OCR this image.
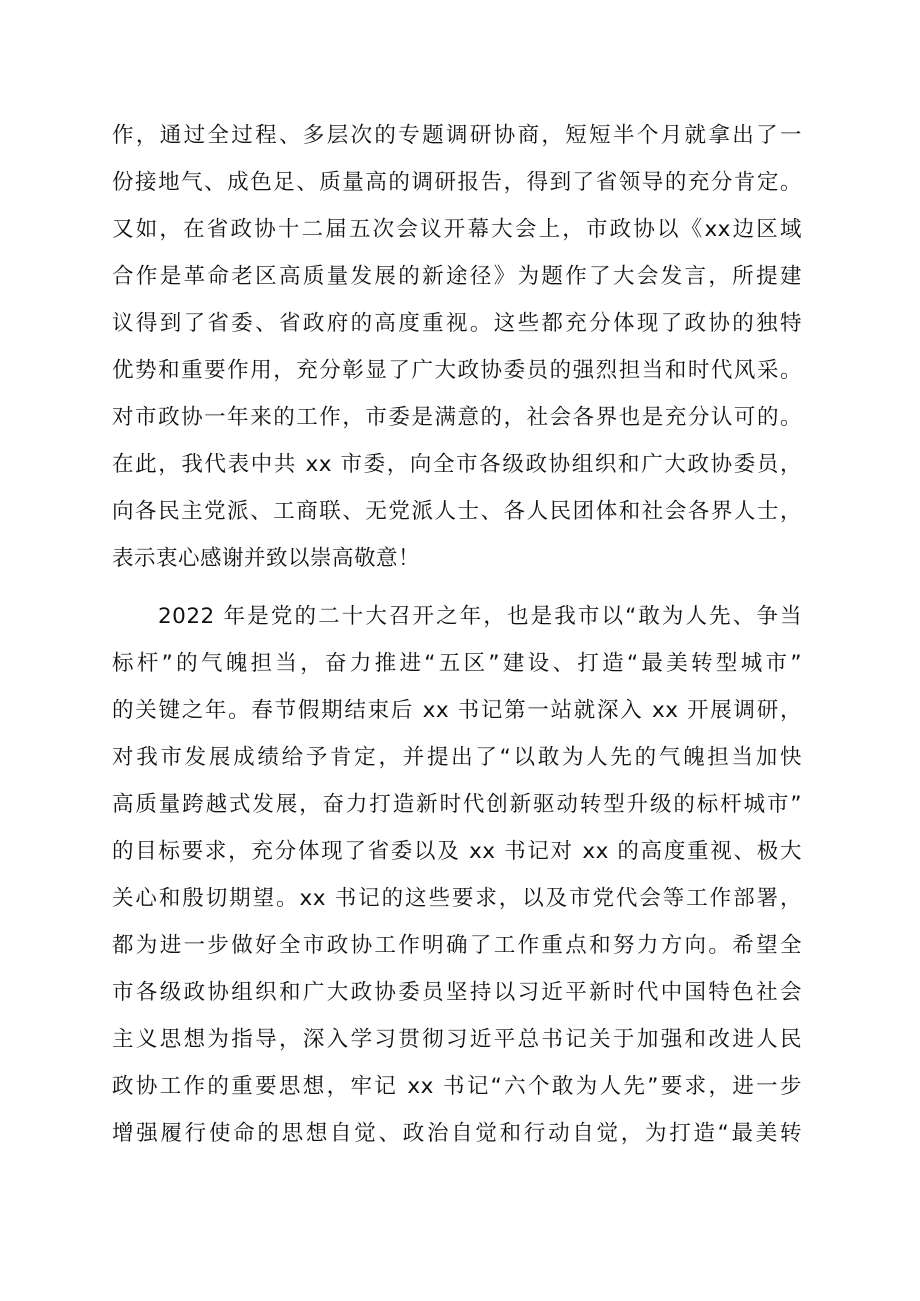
作，通过全过程、多层次的专题调研协商，短短半个月就拿出了一
份接地气、成色足、质量高的调研报告，得到了省领导的充分肯定。
又如，在省政协十二届五次会议开幕大会上，市政协以《xx边区域
合作是革命老区高质量发展的新途径》为题作了大会发言，所提建
议得到了省委、省政府的高度重视。这些都充分体现了政协的独特
优势和重要作用，充分彰显了广大政协委员的强烈担当和时代风采。
对市政协一年来的工作，市委是满意的，社会各界也是充分认可的。
在此，我代表中共 xx 市委，向全市各级政协组织和广大政协委员，
向各民主党派、工商联、无党派人士、各人民团体和社会各界人士，
表示衷心感谢并致以崇高敬意！
2022 年是党的二十大召开之年，也是我市以“敢为人先、争当
标杆”的气魄担当，奋力推进“五区”建设、打造“最美转型城市”
的关键之年。春节假期结束后 xx 书记第一站就深入 xx 开展调研，
对我市发展成绩给予肯定，并提出了“以敢为人先的气魄担当加快
高质量跨越式发展，奋力打造新时代创新驱动转型升级的标杆城市”
的目标要求，充分体现了省委以及 xx 书记对 xx 的高度重视、极大
关心和殷切期望。xx 书记的这些要求，以及市党代会等工作部署，
都为进一步做好全市政协工作明确了工作重点和努力方向。希望全
市各级政协组织和广大政协委员坚持以习近平新时代中国特色社会
主义思想为指导，深入学习贯彻习近平总书记关于加强和改进人民
政协工作的重要思想，牢记 xx 书记“六个敢为人先”要求，进一步
增强履行使命的思想自觉、政治自觉和行动自觉，为打造“最美转
